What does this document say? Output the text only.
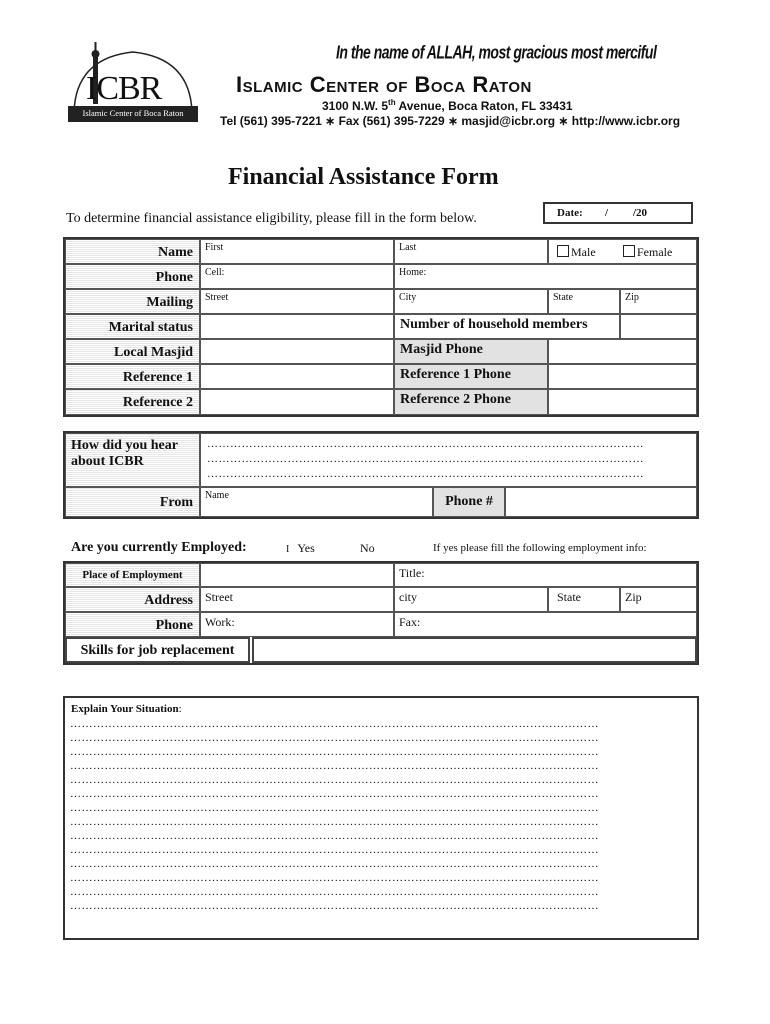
ICBR
Islamic Center of Boca Raton
In the name of ALLAH, most gracious most merciful
Islamic Center of Boca Raton
3100 N.W. 5th Avenue, Boca Raton, FL 33431
Tel (561) 395-7221 ∗ Fax (561) 395-7229 ∗ masjid@icbr.org ∗ http://www.icbr.org
Financial Assistance Form
To determine financial assistance eligibility, please fill in the form below.	Date: / /20
Name	First	Last	Male	Female
Phone	Cell:	Home:
Mailing	Street	City	State	Zip
Marital status	Number of household members
Local Masjid	Masjid Phone
Reference 1	Reference 1 Phone
Reference 2	Reference 2 Phone
How did you hear about ICBR
……………………………………………………………………………………………………
……………………………………………………………………………………………………
……………………………………………………………………………………………………
From	Name	Phone #
Are you currently Employed:	I Yes	No	If yes please fill the following employment info:
Place of Employment	Title:
Address	Street	city	State	Zip
Phone	Work:	Fax:
Skills for job replacement
Explain Your Situation:
…………………………………………………………………………………………………………………………
…………………………………………………………………………………………………………………………
…………………………………………………………………………………………………………………………
…………………………………………………………………………………………………………………………
…………………………………………………………………………………………………………………………
…………………………………………………………………………………………………………………………
…………………………………………………………………………………………………………………………
…………………………………………………………………………………………………………………………
…………………………………………………………………………………………………………………………
…………………………………………………………………………………………………………………………
…………………………………………………………………………………………………………………………
…………………………………………………………………………………………………………………………
…………………………………………………………………………………………………………………………
…………………………………………………………………………………………………………………………
